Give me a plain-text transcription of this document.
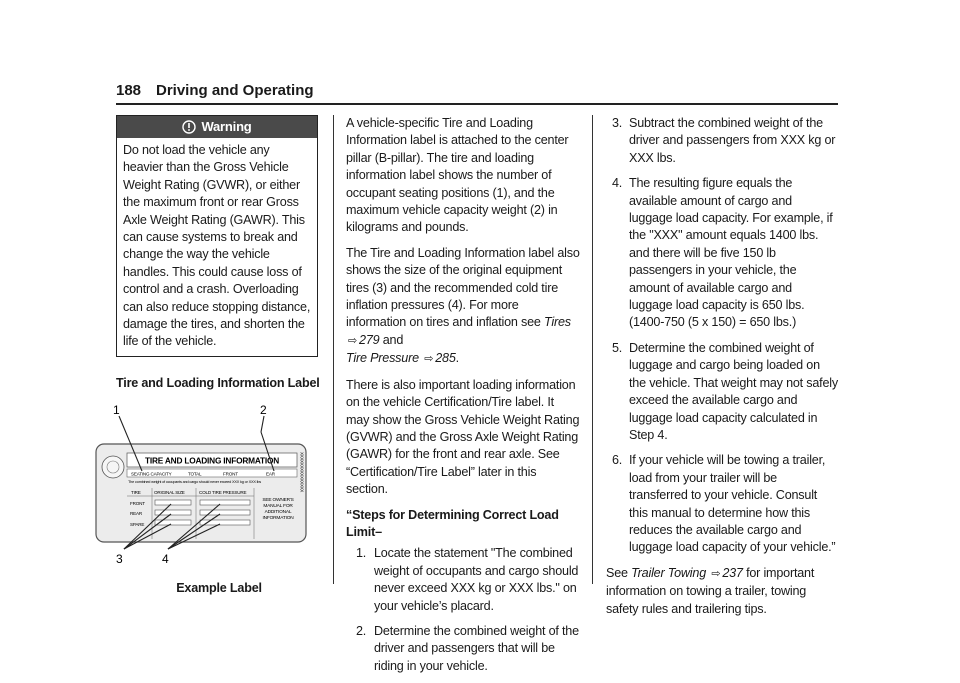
188 Driving and Operating
Warning
Do not load the vehicle any heavier than the Gross Vehicle Weight Rating (GVWR), or either the maximum front or rear Gross Axle Weight Rating (GAWR). This can cause systems to break and change the way the vehicle handles. This could cause loss of control and a crash. Overloading can also reduce stopping distance, damage the tires, and shorten the life of the vehicle.

Tire and Loading Information Label

TIRE AND LOADING INFORMATION
SEATING CAPACITY	TOTAL	FRONT	EAR
The combined weight of occupants and cargo should never exceed XXX kg or XXX lbs	XXXXXXXXXXXXXXX
TIRE	ORIGINAL SIZE	COLD TIRE PRESSURE
FRONT
REAR
SPARE
SEE OWNER'S
MANUAL FOR
ADDITIONAL
INFORMATION
1	2
3	4
Example Label

A vehicle-specific Tire and Loading Information label is attached to the center pillar (B-pillar). The tire and loading information label shows the number of occupant seating positions (1), and the maximum vehicle capacity weight (2) in kilograms and pounds.

The Tire and Loading Information label also shows the size of the original equipment tires (3) and the recommended cold tire inflation pressures (4). For more information on tires and inflation see Tires ⇨ 279 and
Tire Pressure ⇨ 285.

There is also important loading information on the vehicle Certification/Tire label. It may show the Gross Vehicle Weight Rating (GVWR) and the Gross Axle Weight Rating (GAWR) for the front and rear axle. See “Certification/Tire Label” later in this section.

“Steps for Determining Correct Load Limit–

1. Locate the statement "The combined weight of occupants and cargo should never exceed XXX kg or XXX lbs." on your vehicle’s placard.
2. Determine the combined weight of the driver and passengers that will be riding in your vehicle.
3. Subtract the combined weight of the driver and passengers from XXX kg or XXX lbs.
4. The resulting figure equals the available amount of cargo and luggage load capacity. For example, if the "XXX" amount equals 1400 lbs. and there will be five 150 lb passengers in your vehicle, the amount of available cargo and luggage load capacity is 650 lbs. (1400-750 (5 x 150) = 650 lbs.)
5. Determine the combined weight of luggage and cargo being loaded on the vehicle. That weight may not safely exceed the available cargo and luggage load capacity calculated in Step 4.
6. If your vehicle will be towing a trailer, load from your trailer will be transferred to your vehicle. Consult this manual to determine how this reduces the available cargo and luggage load capacity of your vehicle.”

See Trailer Towing ⇨ 237 for important information on towing a trailer, towing safety rules and trailering tips.
